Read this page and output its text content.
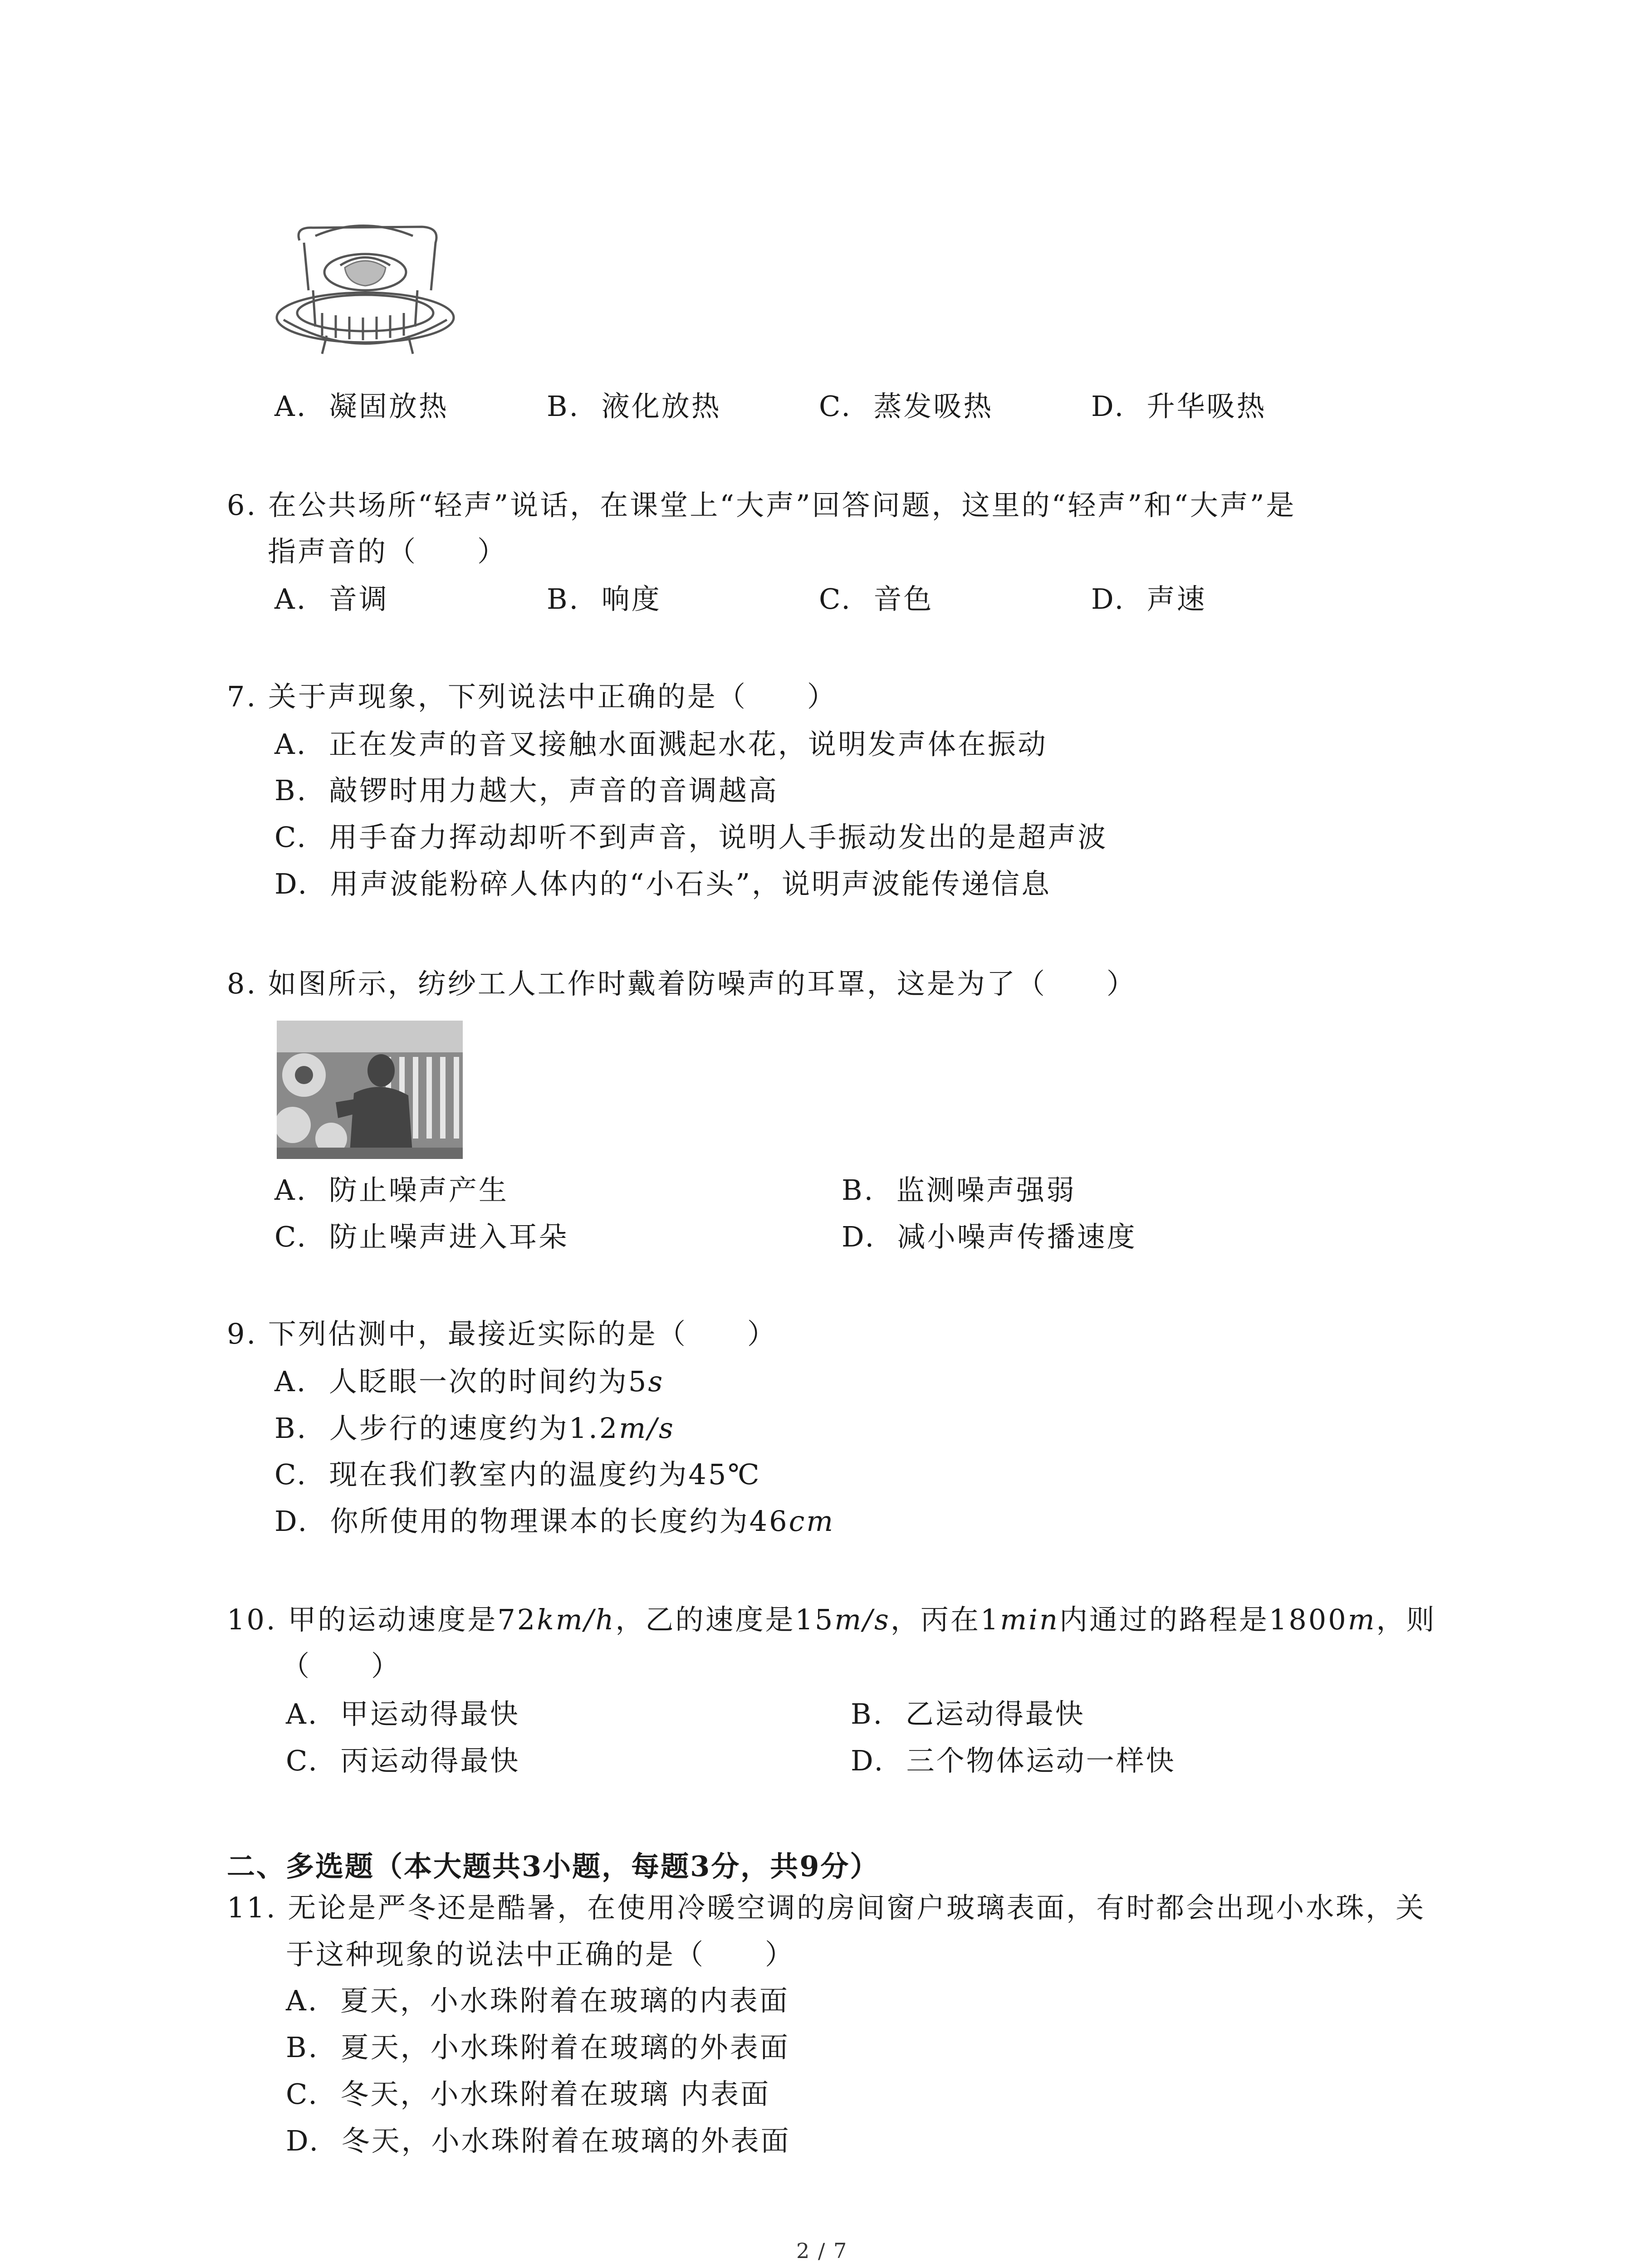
A. 凝固放热	B. 液化放热	C. 蒸发吸热	D. 升华吸热
6. 在公共场所“轻声”说话，在课堂上“大声”回答问题，这里的“轻声”和“大声”是
指声音的（　　）
A. 音调	B. 响度	C. 音色	D. 声速
7. 关于声现象，下列说法中正确的是（　　）
A. 正在发声的音叉接触水面溅起水花，说明发声体在振动
B. 敲锣时用力越大，声音的音调越高
C. 用手奋力挥动却听不到声音，说明人手振动发出的是超声波
D. 用声波能粉碎人体内的“小石头”，说明声波能传递信息
8. 如图所示，纺纱工人工作时戴着防噪声的耳罩，这是为了（　　）
A. 防止噪声产生	B. 监测噪声强弱
C. 防止噪声进入耳朵	D. 减小噪声传播速度
9. 下列估测中，最接近实际的是（　　）
A. 人眨眼一次的时间约为5s
B. 人步行的速度约为1.2m/s
C. 现在我们教室内的温度约为45℃
D. 你所使用的物理课本的长度约为46cm
10. 甲的运动速度是72km/h，乙的速度是15m/s，丙在1min内通过的路程是1800m，则
（　　）
A. 甲运动得最快	B. 乙运动得最快
C. 丙运动得最快	D. 三个物体运动一样快
二、多选题（本大题共3小题，每题3分，共9分）
11. 无论是严冬还是酷暑，在使用冷暖空调的房间窗户玻璃表面，有时都会出现小水珠，关
于这种现象的说法中正确的是（　　）
A. 夏天，小水珠附着在玻璃的内表面
B. 夏天，小水珠附着在玻璃的外表面
C. 冬天，小水珠附着在玻璃 内表面
D. 冬天，小水珠附着在玻璃的外表面
2 / 7
